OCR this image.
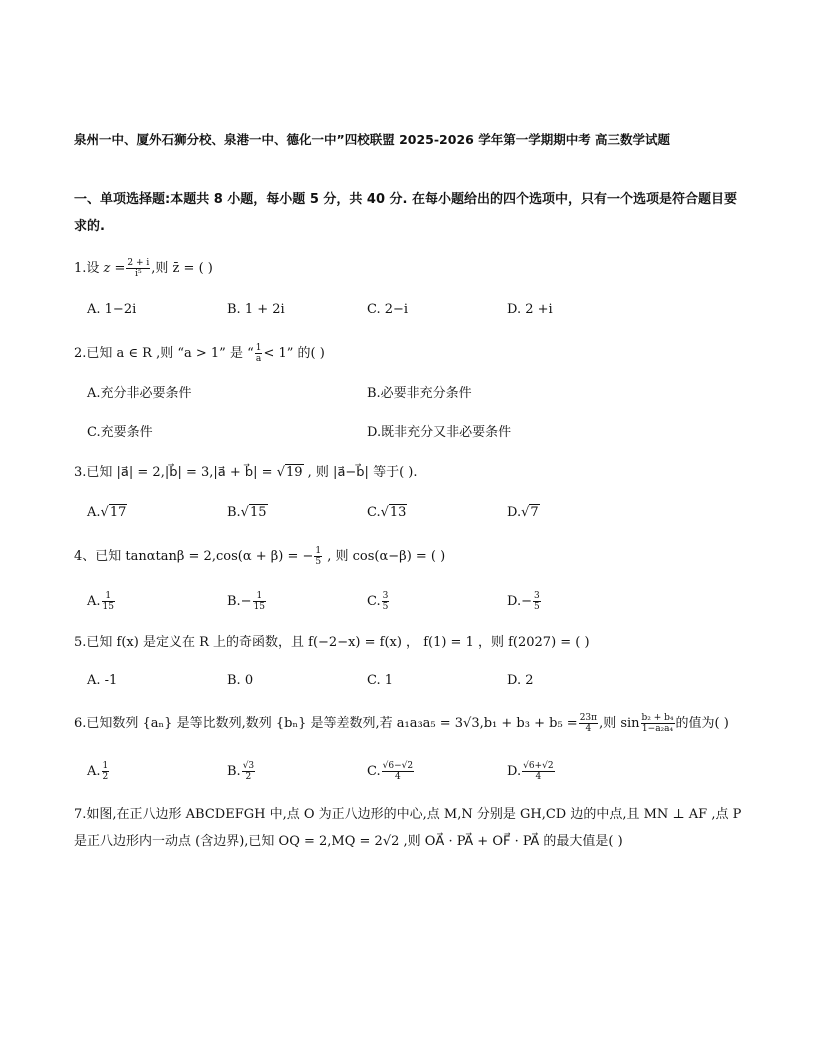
泉州一中、厦外石狮分校、泉港一中、德化一中”四校联盟 2025-2026 学年第一学期期中考 高三数学试题
一、单项选择题:本题共 8 小题，每小题 5 分，共 40 分. 在每小题给出的四个选项中，只有一个选项是符合题目要求的.
1.设 $z = \frac{2 + i}{\text{i⁵}}$ ,则 z̄ = ( )
A. 1−2i	B. 1 + 2i	C. 2−i	D. 2 +i
2.已知 a ∈ R ,则 “a > 1” 是 “ $\frac{1}{a} < 1$” 的( )
A.充分非必要条件	B.必要非充分条件
C.充要条件	D.既非充分又非必要条件
3.已知 |a⃗| = 2,|b⃗| = 3,|a⃗ + b⃗| = √19 , 则 |a⃗−b⃗| 等于( ).
A.√17	B.√15	C.√13	D.√7
4、已知 tanαtanβ = 2,cos(α + β) = − $\frac{1}{5}$ , 则 cos(α−β) = ( )
A. $\frac{1}{15}$	$B.- \frac{1}{15}$	C. $\frac{3}{5}$	$D.- \frac{3}{5}$
5.已知 f(x) 是定义在 R 上的奇函数，且 f(−2−x) = f(x) ， f(1) = 1 ，则 f(2027) = ( )
A. -1	B. 0	C. 1	D. 2
6.已知数列 {aₙ} 是等比数列,数列 {bₙ} 是等差数列,若 $a_1a_3a_5 = 3√3,b_1 + b_3 + b_5 = \frac{23\pi}{4}$ ,则 $\sin \frac{\text{b₂ + b₄}}{\text{1−a₂a₄}}$ 的值为( )
A. $\frac{1}{2}$	B. $\frac{√3}{2}$	C. $\frac{√6-√2}{4}$	D. $\frac{√6+√2}{4}$
7.如图,在正八边形 ABCDEFGH 中,点 O 为正八边形的中心,点 M,N 分别是 GH,CD 边的中点,且 MN ⊥ AF ,点 P 是正八边形内一动点 (含边界),已知 OQ = 2,MQ = 2√2 ,则 OA⃗ · PA⃗ + OF⃗ · PA⃗ 的最大值是( )
